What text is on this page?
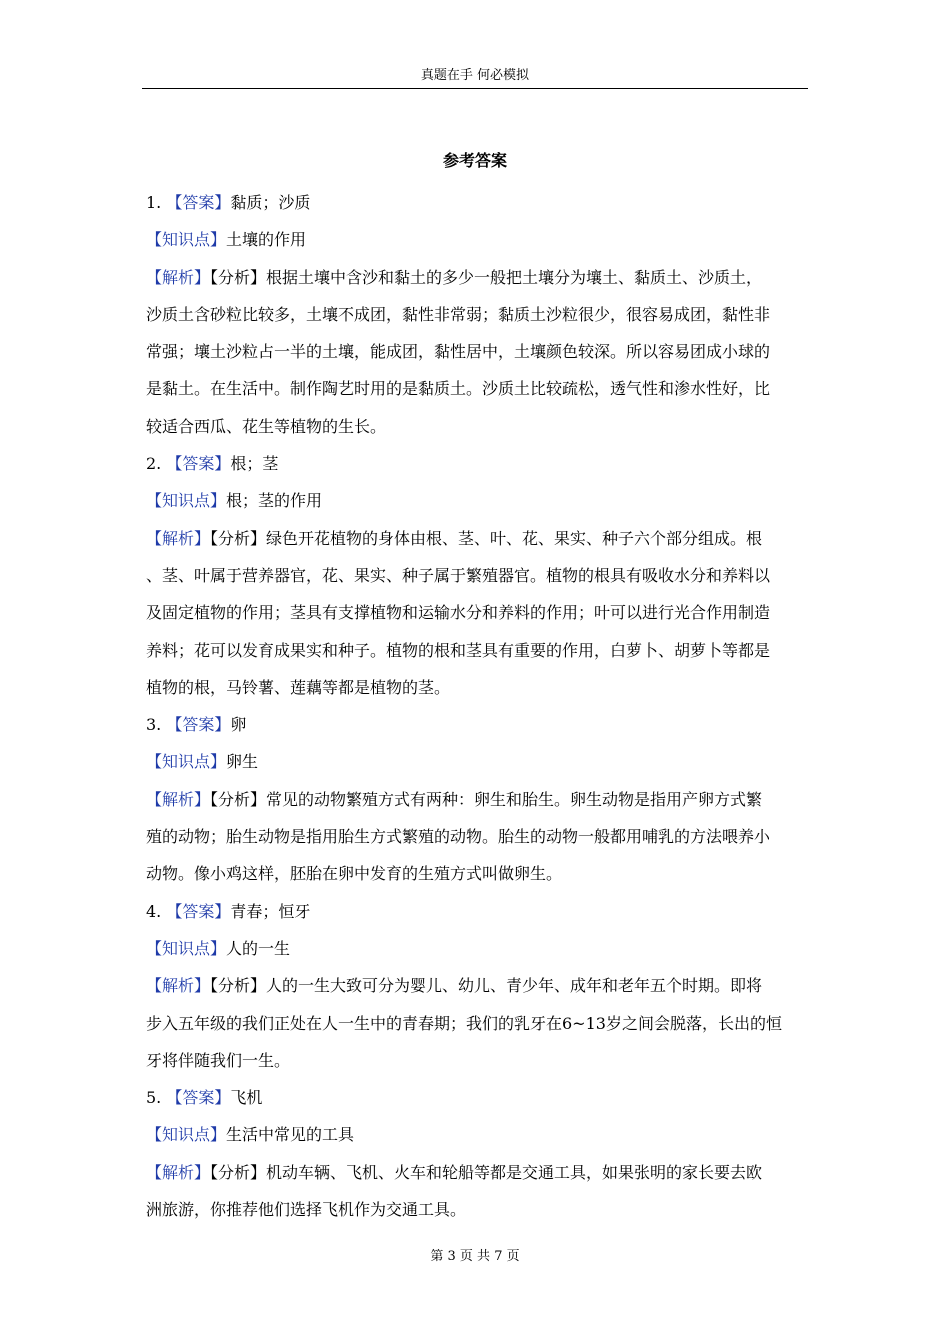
真题在手 何必模拟
参考答案
1. 【答案】黏质；沙质
【知识点】土壤的作用
【解析】【分析】根据土壤中含沙和黏土的多少一般把土壤分为壤土、黏质土、沙质土，
沙质土含砂粒比较多，土壤不成团，黏性非常弱；黏质土沙粒很少，很容易成团，黏性非
常强；壤土沙粒占一半的土壤，能成团，黏性居中，土壤颜色较深。所以容易团成小球的
是黏土。在生活中。制作陶艺时用的是黏质土。沙质土比较疏松，透气性和渗水性好，比
较适合西瓜、花生等植物的生长。
2. 【答案】根；茎
【知识点】根；茎的作用
【解析】【分析】绿色开花植物的身体由根、茎、叶、花、果实、种子六个部分组成。根
、茎、叶属于营养器官，花、果实、种子属于繁殖器官。植物的根具有吸收水分和养料以
及固定植物的作用；茎具有支撑植物和运输水分和养料的作用；叶可以进行光合作用制造
养料；花可以发育成果实和种子。植物的根和茎具有重要的作用，白萝卜、胡萝卜等都是
植物的根，马铃薯、莲藕等都是植物的茎。
3. 【答案】卵
【知识点】卵生
【解析】【分析】常见的动物繁殖方式有两种：卵生和胎生。卵生动物是指用产卵方式繁
殖的动物；胎生动物是指用胎生方式繁殖的动物。胎生的动物一般都用哺乳的方法喂养小
动物。像小鸡这样，胚胎在卵中发育的生殖方式叫做卵生。
4. 【答案】青春；恒牙
【知识点】人的一生
【解析】【分析】人的一生大致可分为婴儿、幼儿、青少年、成年和老年五个时期。即将
步入五年级的我们正处在人一生中的青春期；我们的乳牙在6~13岁之间会脱落，长出的恒
牙将伴随我们一生。
5. 【答案】飞机
【知识点】生活中常见的工具
【解析】【分析】机动车辆、飞机、火车和轮船等都是交通工具，如果张明的家长要去欧
洲旅游，你推荐他们选择飞机作为交通工具。
第 3 页 共 7 页
